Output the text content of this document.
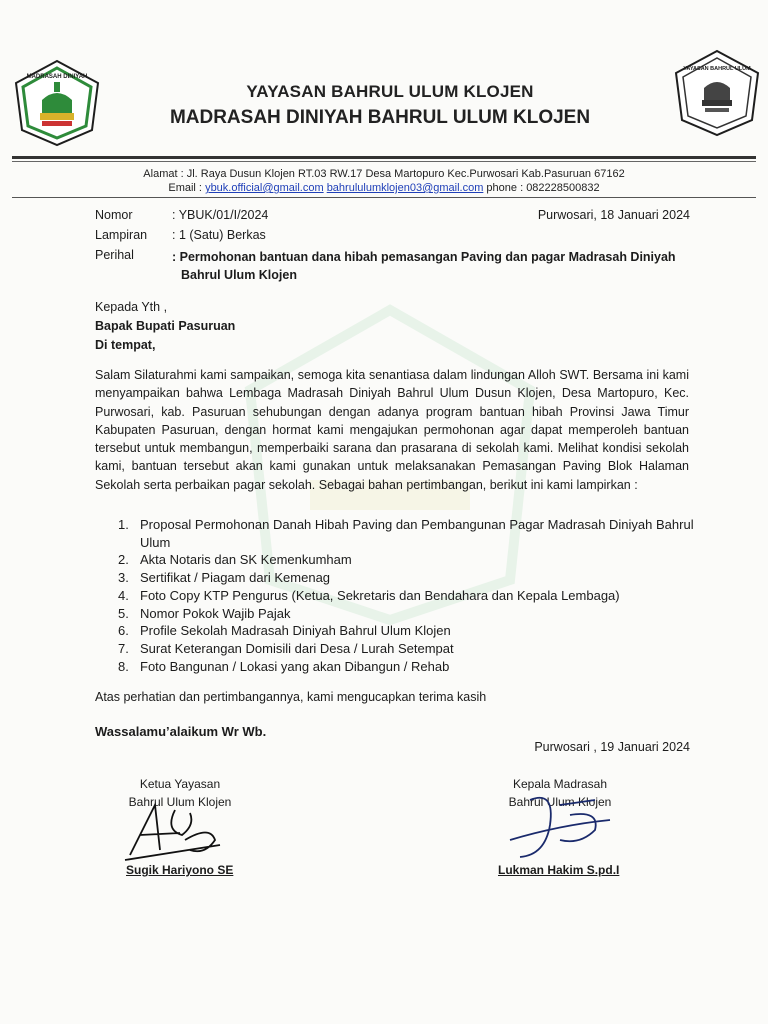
MADRASAH DINIYAH
YAYASAN BAHRUL ULUM
YAYASAN BAHRUL ULUM KLOJEN
MADRASAH DINIYAH BAHRUL ULUM KLOJEN
Alamat : Jl. Raya Dusun Klojen RT.03 RW.17 Desa Martopuro Kec.Purwosari Kab.Pasuruan 67162
Email : ybuk.official@gmail.com bahrululumklojen03@gmail.com phone : 082228500832
Purwosari, 18 Januari 2024
Nomor	: YBUK/01/I/2024
Lampiran	: 1 (Satu) Berkas
Perihal	: Permohonan bantuan dana hibah pemasangan Paving dan pagar Madrasah Diniyah
Bahrul Ulum Klojen
Kepada Yth ,
Bapak Bupati Pasuruan
Di tempat,
Salam Silaturahmi kami sampaikan, semoga kita senantiasa dalam lindungan Alloh SWT. Bersama ini kami menyampaikan bahwa Lembaga Madrasah Diniyah Bahrul Ulum Dusun Klojen, Desa Martopuro, Kec. Purwosari, kab. Pasuruan sehubungan dengan adanya program bantuan hibah Provinsi Jawa Timur Kabupaten Pasuruan, dengan hormat kami mengajukan permohonan agar dapat memperoleh bantuan tersebut untuk membangun, memperbaiki sarana dan prasarana di sekolah kami. Melihat kondisi sekolah kami, bantuan tersebut akan kami gunakan untuk melaksanakan Pemasangan Paving Blok Halaman Sekolah serta perbaikan pagar sekolah. Sebagai bahan pertimbangan, berikut ini kami lampirkan :
1. Proposal Permohonan Danah Hibah Paving dan Pembangunan Pagar Madrasah Diniyah Bahrul Ulum
2. Akta Notaris dan SK Kemenkumham
3. Sertifikat / Piagam dari Kemenag
4. Foto Copy KTP Pengurus (Ketua, Sekretaris dan Bendahara dan Kepala Lembaga)
5. Nomor Pokok Wajib Pajak
6. Profile Sekolah Madrasah Diniyah Bahrul Ulum Klojen
7. Surat Keterangan Domisili dari Desa / Lurah Setempat
8. Foto Bangunan / Lokasi yang akan Dibangun / Rehab
Atas perhatian dan pertimbangannya, kami mengucapkan terima kasih
Wassalamu’alaikum Wr Wb.
Purwosari , 19 Januari 2024
Ketua Yayasan
Bahrul Ulum Klojen
Kepala Madrasah
Bahrul Ulum Klojen
Sugik Hariyono SE	Lukman Hakim S.pd.I
